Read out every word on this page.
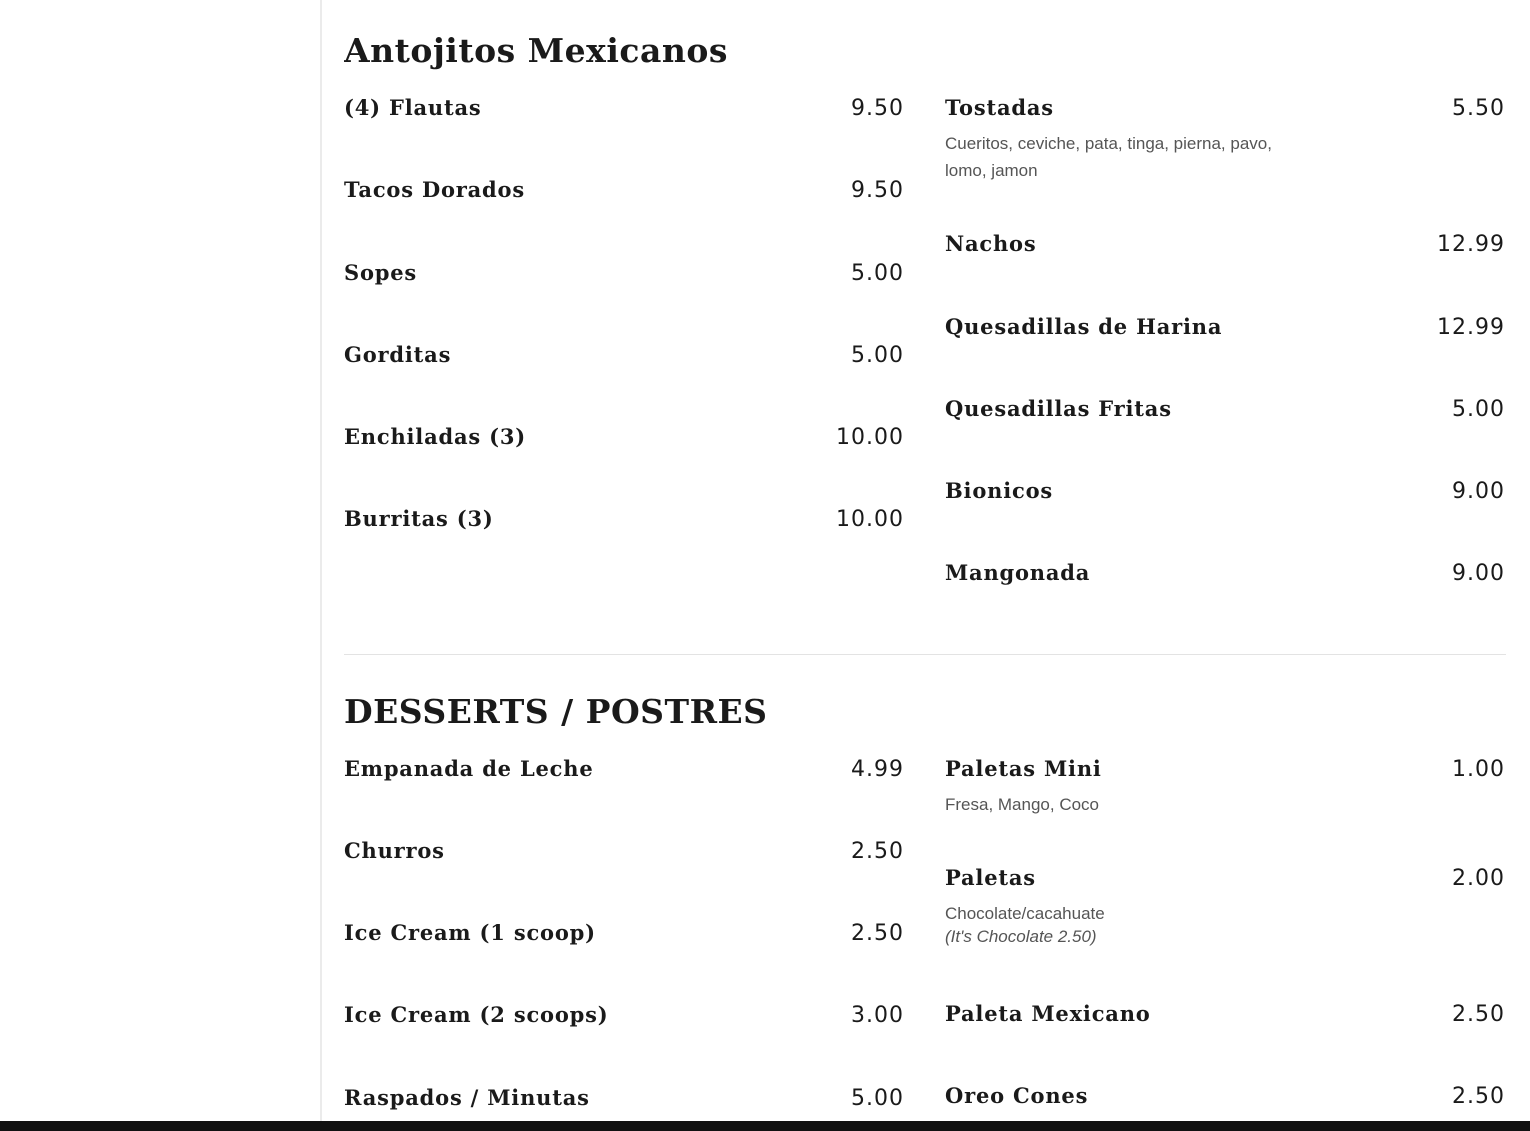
Antojitos Mexicanos
(4) Flautas	9.50
Tacos Dorados	9.50
Sopes	5.00
Gorditas	5.00
Enchiladas (3)	10.00
Burritas (3)	10.00
Tostadas	5.50
Cueritos, ceviche, pata, tinga, pierna, pavo, lomo, jamon
Nachos	12.99
Quesadillas de Harina	12.99
Quesadillas Fritas	5.00
Bionicos	9.00
Mangonada	9.00
DESSERTS / POSTRES
Empanada de Leche	4.99
Churros	2.50
Ice Cream (1 scoop)	2.50
Ice Cream (2 scoops)	3.00
Raspados / Minutas	5.00
Paletas Mini	1.00
Fresa, Mango, Coco
Paletas	2.00
Chocolate/cacahuate
(It's Chocolate 2.50)
Paleta Mexicano	2.50
Oreo Cones	2.50
